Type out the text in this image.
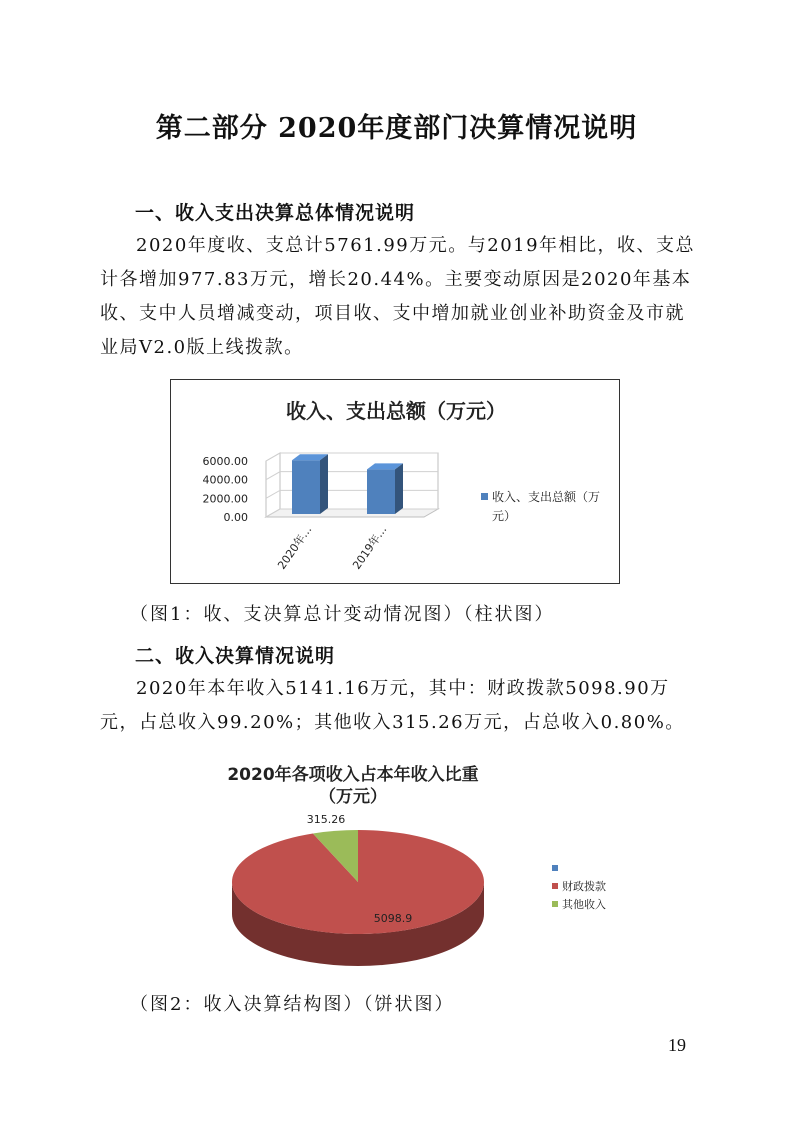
第二部分 2020年度部门决算情况说明
一、收入支出决算总体情况说明

2020年度收、支总计5761.99万元。与2019年相比，收、支总计各增加977.83万元，增长20.44%。主要变动原因是2020年基本收、支中人员增减变动，项目收、支中增加就业创业补助资金及市就业局V2.0版上线拨款。

收入、支出总额（万元）
6000.00
4000.00
2000.00
0.00
2020年…	2019年…
收入、支出总额（万
元）
（图1：收、支决算总计变动情况图）（柱状图）
二、收入决算情况说明

2020年本年收入5141.16万元，其中：财政拨款5098.90万元，占总收入99.20%；其他收入315.26万元，占总收入0.80%。

2020年各项收入占本年收入比重
（万元）
5098.9
315.26
财政拨款
其他收入
（图2：收入决算结构图）（饼状图）
19
